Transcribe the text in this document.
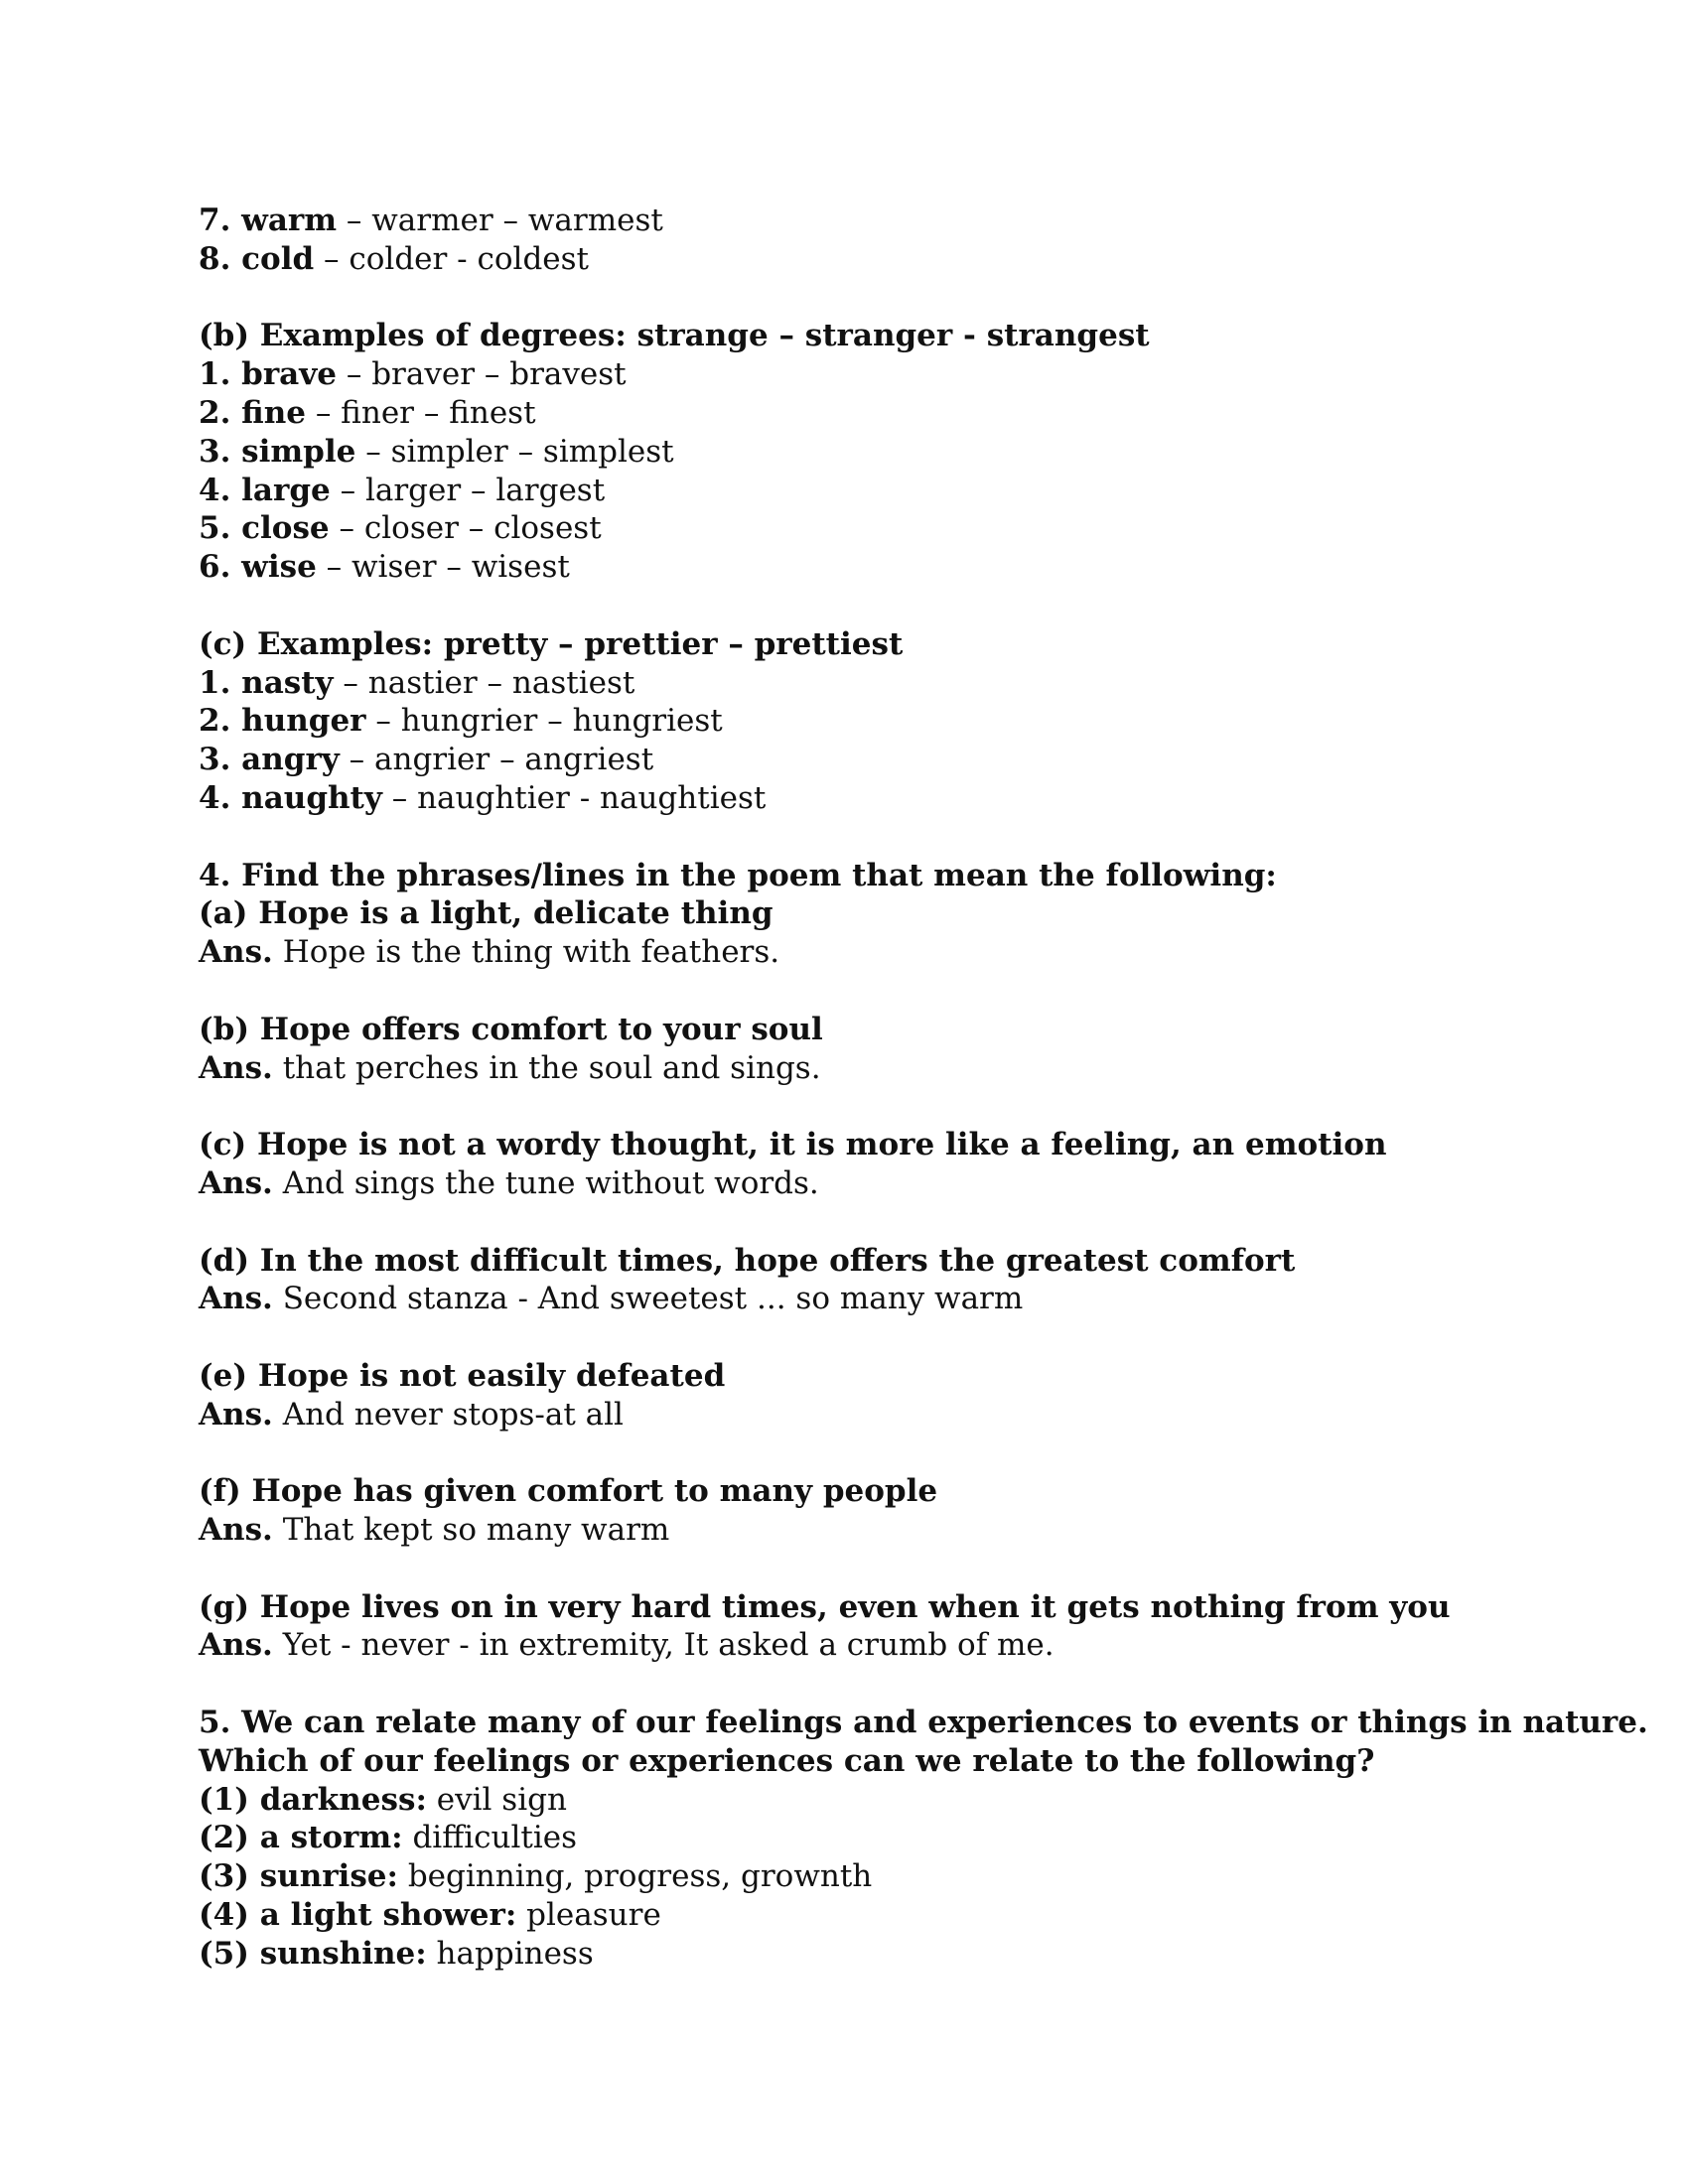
7. warm – warmer – warmest
8. cold – colder - coldest
(b) Examples of degrees: strange – stranger - strangest
1. brave – braver – bravest
2. fine – finer – finest
3. simple – simpler – simplest
4. large – larger – largest
5. close – closer – closest
6. wise – wiser – wisest
(c) Examples: pretty – prettier – prettiest
1. nasty – nastier – nastiest
2. hunger – hungrier – hungriest
3. angry – angrier – angriest
4. naughty – naughtier - naughtiest
4. Find the phrases/lines in the poem that mean the following:
(a) Hope is a light, delicate thing
Ans. Hope is the thing with feathers.
(b) Hope offers comfort to your soul
Ans. that perches in the soul and sings.
(c) Hope is not a wordy thought, it is more like a feeling, an emotion
Ans. And sings the tune without words.
(d) In the most difficult times, hope offers the greatest comfort
Ans. Second stanza - And sweetest ... so many warm
(e) Hope is not easily defeated
Ans. And never stops-at all
(f) Hope has given comfort to many people
Ans. That kept so many warm
(g) Hope lives on in very hard times, even when it gets nothing from you
Ans. Yet - never - in extremity, It asked a crumb of me.
5. We can relate many of our feelings and experiences to events or things in nature.
Which of our feelings or experiences can we relate to the following?
(1) darkness: evil sign
(2) a storm: difficulties
(3) sunrise: beginning, progress, grownth
(4) a light shower: pleasure
(5) sunshine: happiness
